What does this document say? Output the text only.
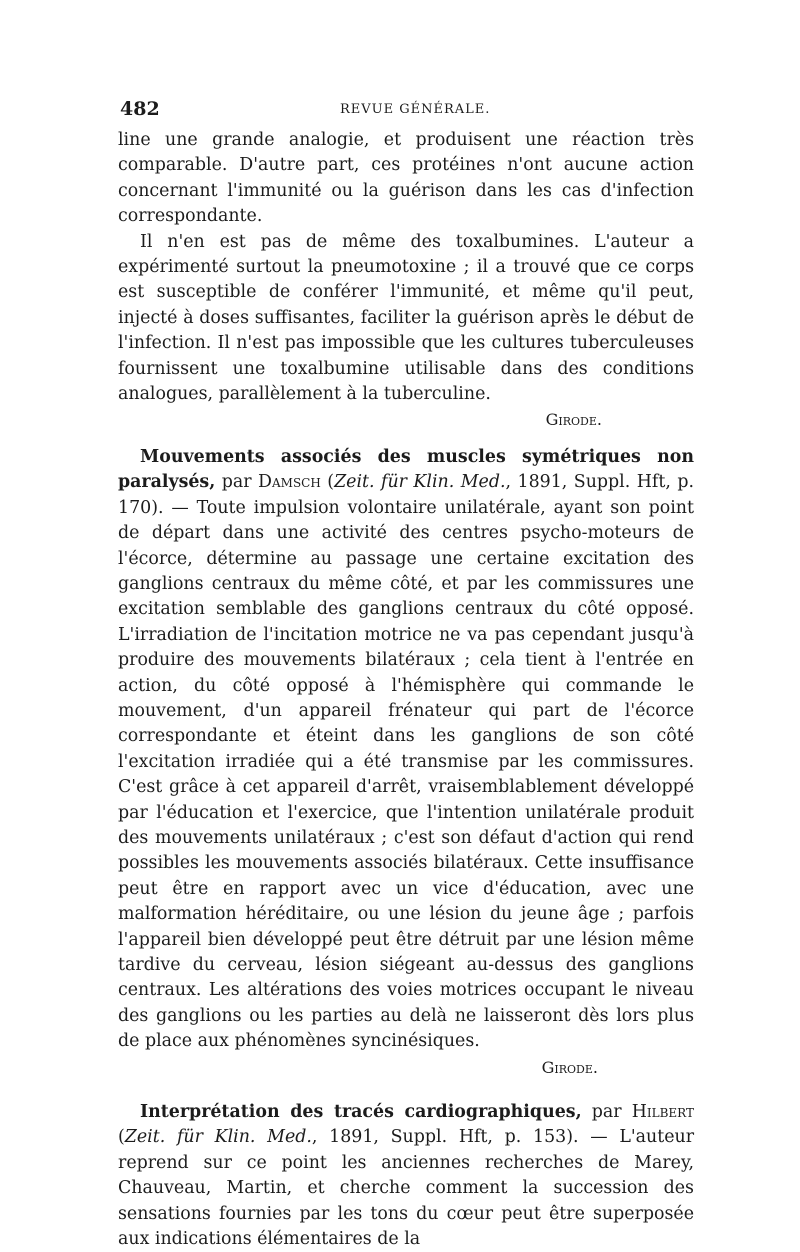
482	REVUE GÉNÉRALE.

line une grande analogie, et produisent une réaction très comparable. D'autre part, ces protéines n'ont aucune action concernant l'immunité ou la guérison dans les cas d'infection correspondante.

Il n'en est pas de même des toxalbumines. L'auteur a expérimenté surtout la pneumotoxine ; il a trouvé que ce corps est susceptible de conférer l'immunité, et même qu'il peut, injecté à doses suffisantes, faciliter la guérison après le début de l'infection. Il n'est pas impossible que les cultures tuberculeuses fournissent une toxalbumine utilisable dans des conditions analogues, parallèlement à la tuberculine.

Girode.

Mouvements associés des muscles symétriques non paralysés, par Damsch (Zeit. für Klin. Med., 1891, Suppl. Hft, p. 170). — Toute impulsion volontaire unilatérale, ayant son point de départ dans une activité des centres psycho-moteurs de l'écorce, détermine au passage une certaine excitation des ganglions centraux du même côté, et par les commissures une excitation semblable des ganglions centraux du côté opposé. L'irradiation de l'incitation motrice ne va pas cependant jusqu'à produire des mouvements bilatéraux ; cela tient à l'entrée en action, du côté opposé à l'hémisphère qui commande le mouvement, d'un appareil frénateur qui part de l'écorce correspondante et éteint dans les ganglions de son côté l'excitation irradiée qui a été transmise par les commissures. C'est grâce à cet appareil d'arrêt, vraisemblablement développé par l'éducation et l'exercice, que l'intention unilatérale produit des mouvements unilatéraux ; c'est son défaut d'action qui rend possibles les mouvements associés bilatéraux. Cette insuffisance peut être en rapport avec un vice d'éducation, avec une malformation héréditaire, ou une lésion du jeune âge ; parfois l'appareil bien développé peut être détruit par une lésion même tardive du cerveau, lésion siégeant au-dessus des ganglions centraux. Les altérations des voies motrices occupant le niveau des ganglions ou les parties au delà ne laisseront dès lors plus de place aux phénomènes syncinésiques.

Girode.

Interprétation des tracés cardiographiques, par Hilbert (Zeit. für Klin. Med., 1891, Suppl. Hft, p. 153). — L'auteur reprend sur ce point les anciennes recherches de Marey, Chauveau, Martin, et cherche comment la succession des sensations fournies par les tons du cœur peut être superposée aux indications élémentaires de la
